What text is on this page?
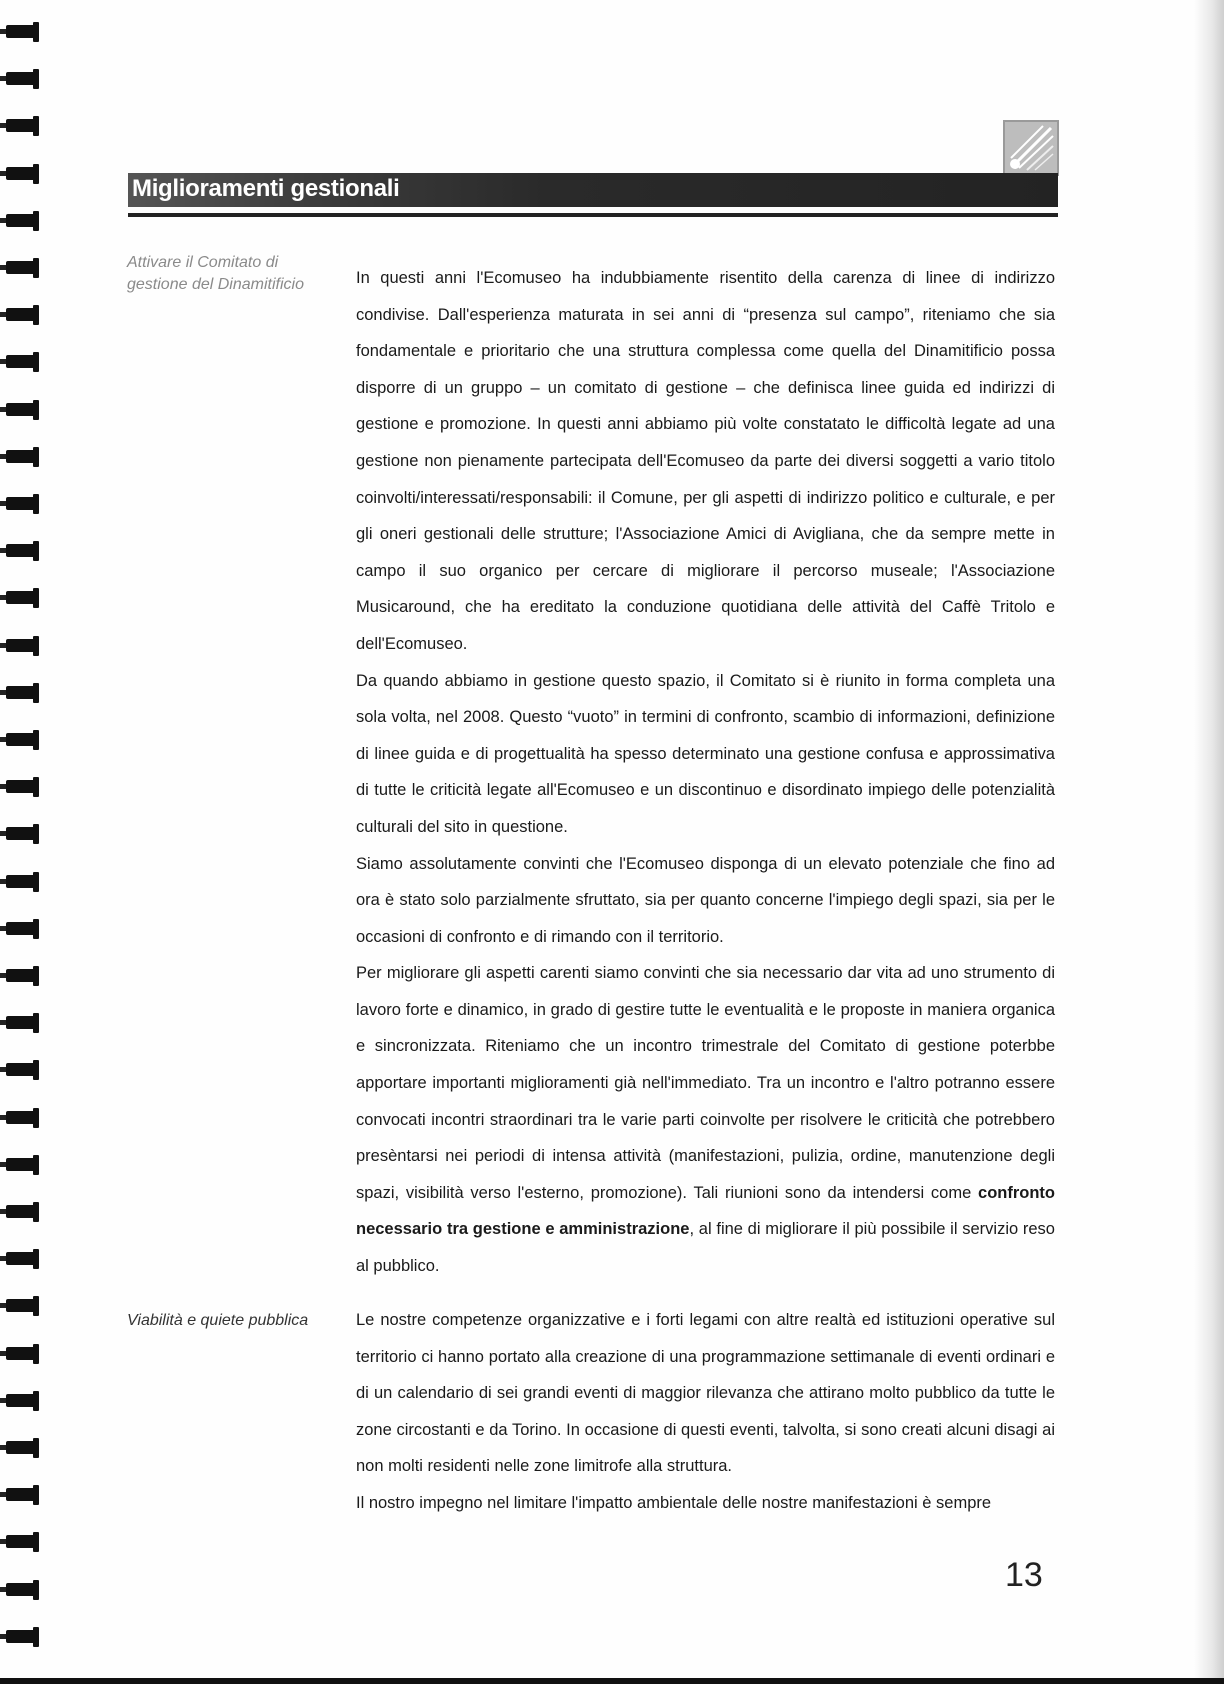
Miglioramenti gestionali
Attivare il Comitato di gestione del Dinamitificio	In questi anni l'Ecomuseo ha indubbiamente risentito della carenza di linee di indirizzo condivise. Dall'esperienza maturata in sei anni di “presenza sul campo”, riteniamo che sia fondamentale e prioritario che una struttura complessa come quella del Dinamitificio possa disporre di un gruppo – un comitato di gestione – che definisca linee guida ed indirizzi di gestione e promozione. In questi anni abbiamo più volte constatato le difficoltà legate ad una gestione non pienamente partecipata dell'Ecomuseo da parte dei diversi soggetti a vario titolo coinvolti/interessati/responsabili: il Comune, per gli aspetti di indirizzo politico e culturale, e per gli oneri gestionali delle strutture; l'Associazione Amici di Avigliana, che da sempre mette in campo il suo organico per cercare di migliorare il percorso museale; l'Associazione Musicaround, che ha ereditato la conduzione quotidiana delle attività del Caffè Tritolo e dell'Ecomuseo.

Da quando abbiamo in gestione questo spazio, il Comitato si è riunito in forma completa una sola volta, nel 2008. Questo “vuoto” in termini di confronto, scambio di informazioni, definizione di linee guida e di progettualità ha spesso determinato una gestione confusa e approssimativa di tutte le criticità legate all'Ecomuseo e un discontinuo e disordinato impiego delle potenzialità culturali del sito in questione.

Siamo assolutamente convinti che l'Ecomuseo disponga di un elevato potenziale che fino ad ora è stato solo parzialmente sfruttato, sia per quanto concerne l'impiego degli spazi, sia per le occasioni di confronto e di rimando con il territorio.

Per migliorare gli aspetti carenti siamo convinti che sia necessario dar vita ad uno strumento di lavoro forte e dinamico, in grado di gestire tutte le eventualità e le proposte in maniera organica e sincronizzata. Riteniamo che un incontro trimestrale del Comitato di gestione poterbbe apportare importanti miglioramenti già nell'immediato. Tra un incontro e l'altro potranno essere convocati incontri straordinari tra le varie parti coinvolte per risolvere le criticità che potrebbero presèntarsi nei periodi di intensa attività (manifestazioni, pulizia, ordine, manutenzione degli spazi, visibilità verso l'esterno, promozione). Tali riunioni sono da intendersi come confronto necessario tra gestione e amministrazione, al fine di migliorare il più possibile il servizio reso al pubblico.

Viabilità e quiete pubblica	Le nostre competenze organizzative e i forti legami con altre realtà ed istituzioni operative sul territorio ci hanno portato alla creazione di una programmazione settimanale di eventi ordinari e di un calendario di sei grandi eventi di maggior rilevanza che attirano molto pubblico da tutte le zone circostanti e da Torino. In occasione di questi eventi, talvolta, si sono creati alcuni disagi ai non molti residenti nelle zone limitrofe alla struttura.

Il nostro impegno nel limitare l'impatto ambientale delle nostre manifestazioni è sempre

13
